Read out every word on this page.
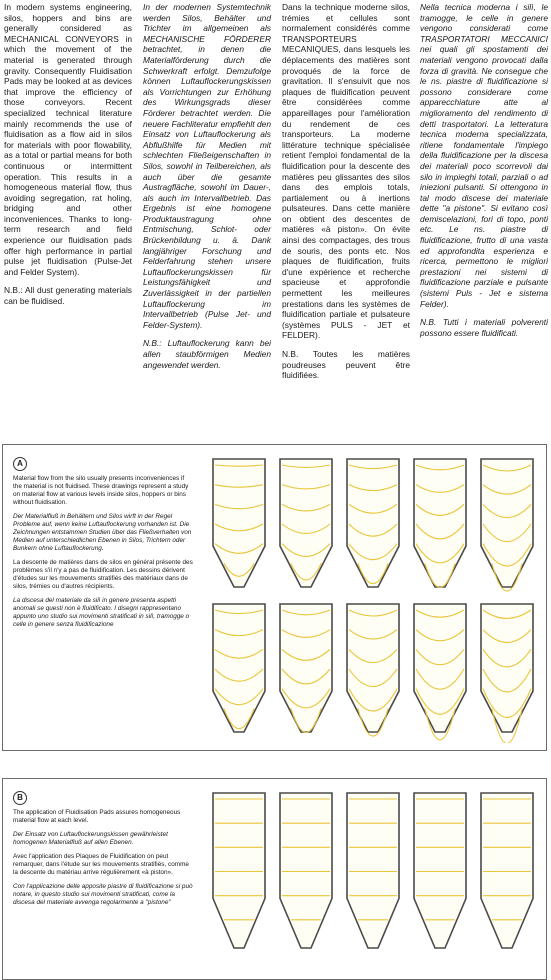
In modern systems engineering, silos, hoppers and bins are generally considered as MECHANICAL CONVEYORS in which the movement of the material is generated through gravity. Consequently Fluidisation Pads may be looked at as devices that improve the efficiency of those conveyors. Recent specialized technical literature mainly recommends the use of fluidisation as a flow aid in silos for materials with poor flowability, as a total or partial means for both continuous or intermittent operation. This results in a homogeneous material flow, thus avoiding segregation, rat holing, bridging and other inconveniences. Thanks to long-term research and field experience our fluidisation pads offer high performance in partial pulse jet fluidisation (Pulse-Jet and Felder System).

N.B.: All dust generating materials can be fluidised.

In der modernen Systemtechnik werden Silos, Behälter und Trichter im allgemeinen als MECHANISCHE FÖRDERER betrachtet, in denen die Materialförderung durch die Schwerkraft erfolgt. Demzufolge können Luftauflockerungskissen als Vorrichtungen zur Erhöhung des Wirkungsgrads dieser Förderer betrachtet werden. Die neuere Fachliteratur empfiehlt den Einsatz von Luftauflockerung als Abflußhilfe für Medien mit schlechten Fließeigenschaften in Silos, sowohl in Teilbereichen, als auch über die gesamte Austragfläche, sowohl im Dauer-, als auch im Intervallbetrieb. Das Ergebnis ist eine homogene Produktaustragung ohne Entmischung, Schlot- oder Brückenbildung u. ä. Dank langjähriger Forschung und Felderfahrung stehen unsere Luftauflockerungskissen für Leistungsfähigkeit und Zuverlässigkeit in der partiellen Luftauflockerung im Intervallbetrieb (Pulse Jet- und Felder-System).

N.B.: Luftauflockerung kann bei allen staubförmigen Medien angewendet werden.

Dans la technique moderne silos, trémies et cellules sont normalement considérés comme TRANSPORTEURS MECANIQUES, dans lesquels les déplacements des matières sont provoqués de la force de gravitation. Il s'ensuivit que nos plaques de fluidification peuvent être considérées comme appareillages pour l'amélioration du rendement de ces transporteurs. La moderne littérature technique spécialisée retient l'emploi fondamental de la fluidification pour la descente des matières peu glissantes des silos dans des emplois totals, partialement ou à inertions pulsateures. Dans cette manière on obtient des descentes de matières «à piston». On évite ainsi des compactages, des trous de souris, des ponts etc. Nos plaques de fluidification, fruits d'une expérience et recherche spacieuse et approfondie permettent les meilleures prestations dans les systèmes de fluidification partiale et pulsateure (systèmes PULS - JET et FELDER).

N.B. Toutes les matières poudreuses peuvent être fluidifiées.

Nella tecnica moderna i silì, le tramogge, le celle in genere vengono considerati come TRASPORTATORI MECCANICI nei quali gli spostamenti dei materiali vengono provocati dalla forza di gravità. Ne consegue che le ns. piastre di fluidificazione si possono considerare come apparecchiature atte al miglioramento del rendimento di detti trasportatori. La letteratura tecnica moderna specializzata, ritiene fondamentale l'impiego della fluidificazione per la discesa dei materiali poco scorrevoli dai silo in impieghi totali, parziali o ad iniezioni pulsanti. Si ottengono in tal modo discese dei materiale dette "a pistone". Si evitano così demiscelazioni, fori di topo, ponti etc. Le ns. piastre di fluidificazione, frutto di una vasta ed approfondita esperienza e ricerca, permettono le migliori prestazioni nei sistemi di fluidificazione parziale e pulsante (sistemi Puls - Jet e sistema Felder).

N.B. Tutti i materiali polverenti possono essere fluidificati.

A

Material flow from the silo usually presents inconveniences if the material is not fluidised. These drawings represent a study on material flow at various levels inside silos, hoppers or bins without fluidisation.

Der Materialfluß in Behältern und Silos wirft in der Regel Probleme auf, wenn keine Luftauflockerung vorhanden ist. Die Zeichnungen entstammen Studien über das Fließverhalten von Medien auf unterschiedlichen Ebenen in Silos, Trichtern oder Bunkern ohne Luftauflockerung.

La descente de matières dans de silos en général présente des problèmes s'il n'y a pas de fluidification. Les dessins dérivent d'études sur les mouvements stratifiés des matériaux dans de silos, trémies ou d'autres récipients.

La discesa del materiale da silì in genere presenta aspetti anomali se questi non è fluidificato. I disegni rappresentano appunto uno studio sui movimenti stratificati in silì, tramogge o celle in genere senza fluidificazione

B

The application of Fluidisation Pads assures homogeneous material flow at each level.

Der Einsatz von Luftauflockerungskissen gewährleistet homogenen Materialfluß auf allen Ebenen.

Avec l'application des Plaques de Fluidification on peut remarquer, dans l'étude sur les mouvements stratifiés, comme la descente du matériau arrive régulièrement «à piston».

Con l'applicazione delle apposite piastre di fluidificazione si può notare, in questo studio sui movimenti stratificati, come la discesa del materiale avvenga regolarmente a "pistone"
